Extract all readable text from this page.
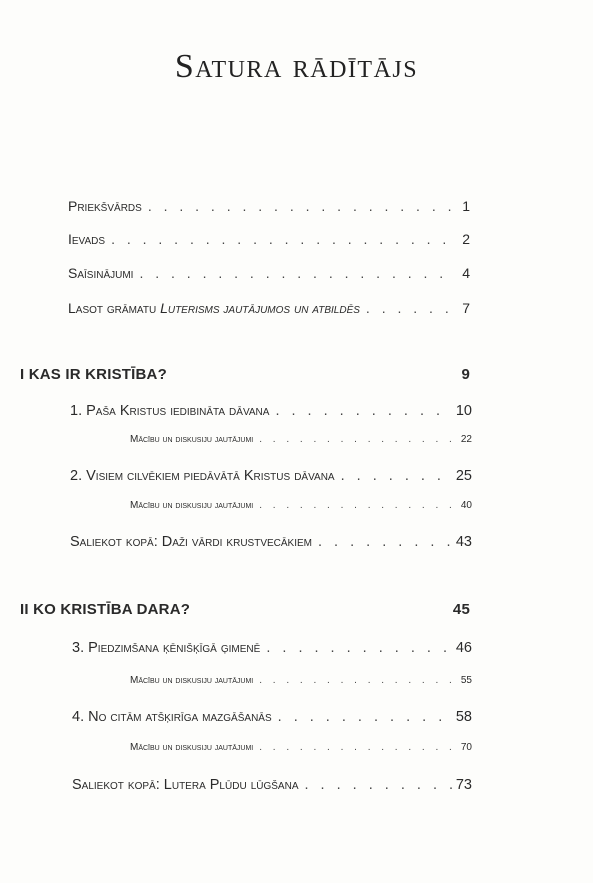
Satura rādītājs
Priekšvārds . . .	1
Ievads . . .	2
Saīsinājumi . . .	4
Lasot grāmatu Luterisms jautājumos un atbildēs . . .	7
I KAS IR KRISTĪBA?	9
1. Paša Kristus iedibināta dāvana . . .	10
Mācību un diskusiju jautājumi . . .	22
2. Visiem cilvēkiem piedāvātā Kristus dāvana . . .	25
Mācību un diskusiju jautājumi . . .	40
Saliekot kopā: Daži vārdi krustvecākiem . . .	43
II KO KRISTĪBA DARA?	45
3. Piedzimšana ķēnišķīgā ģimenē . . .	46
Mācību un diskusiju jautājumi . . .	55
4. No citām atšķirīga mazgāšanās . . .	58
Mācību un diskusiju jautājumi . . .	70
Saliekot kopā: Lutera Plūdu lūgšana . . .	73
